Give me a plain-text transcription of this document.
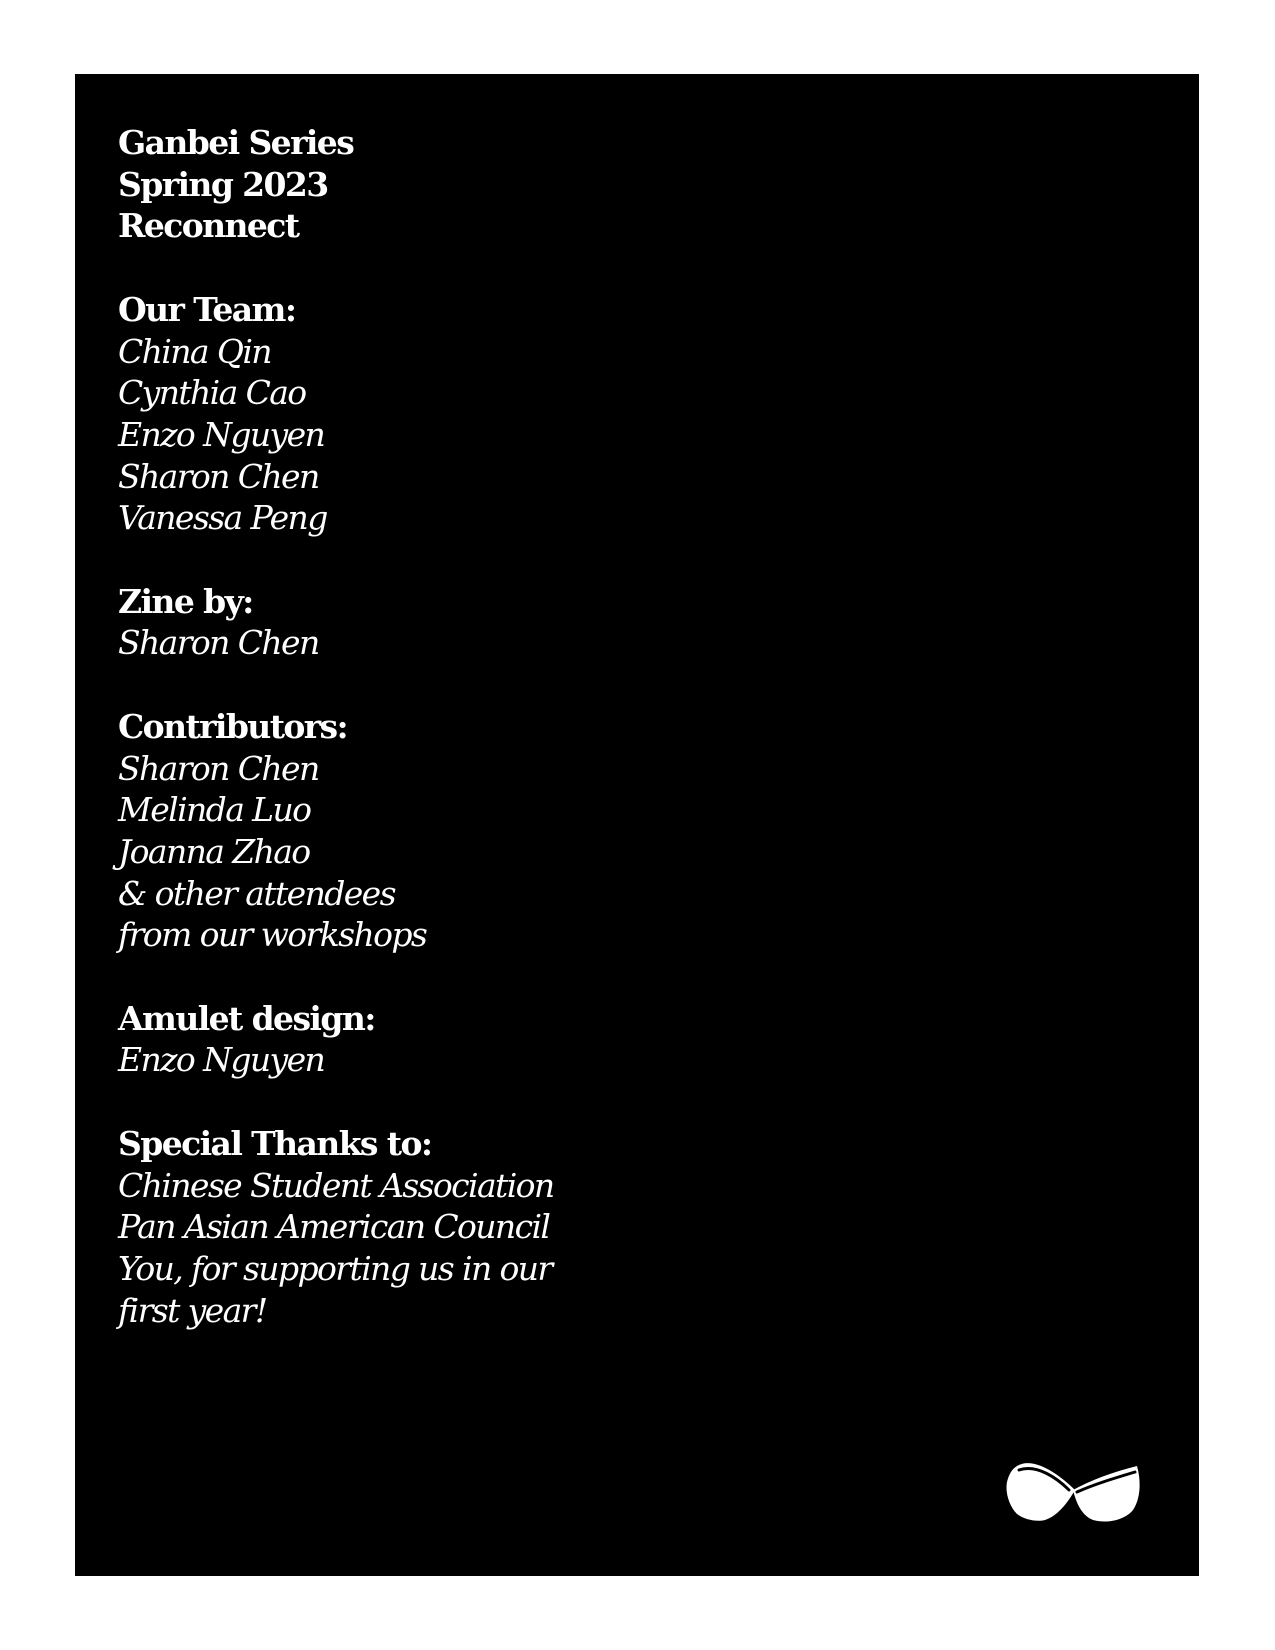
Ganbei Series
Spring 2023
Reconnect
Our Team:
China Qin
Cynthia Cao
Enzo Nguyen
Sharon Chen
Vanessa Peng
Zine by:
Sharon Chen
Contributors:
Sharon Chen
Melinda Luo
Joanna Zhao
& other attendees
from our workshops
Amulet design:
Enzo Nguyen
Special Thanks to:
Chinese Student Association
Pan Asian American Council
You, for supporting us in our
first year!
